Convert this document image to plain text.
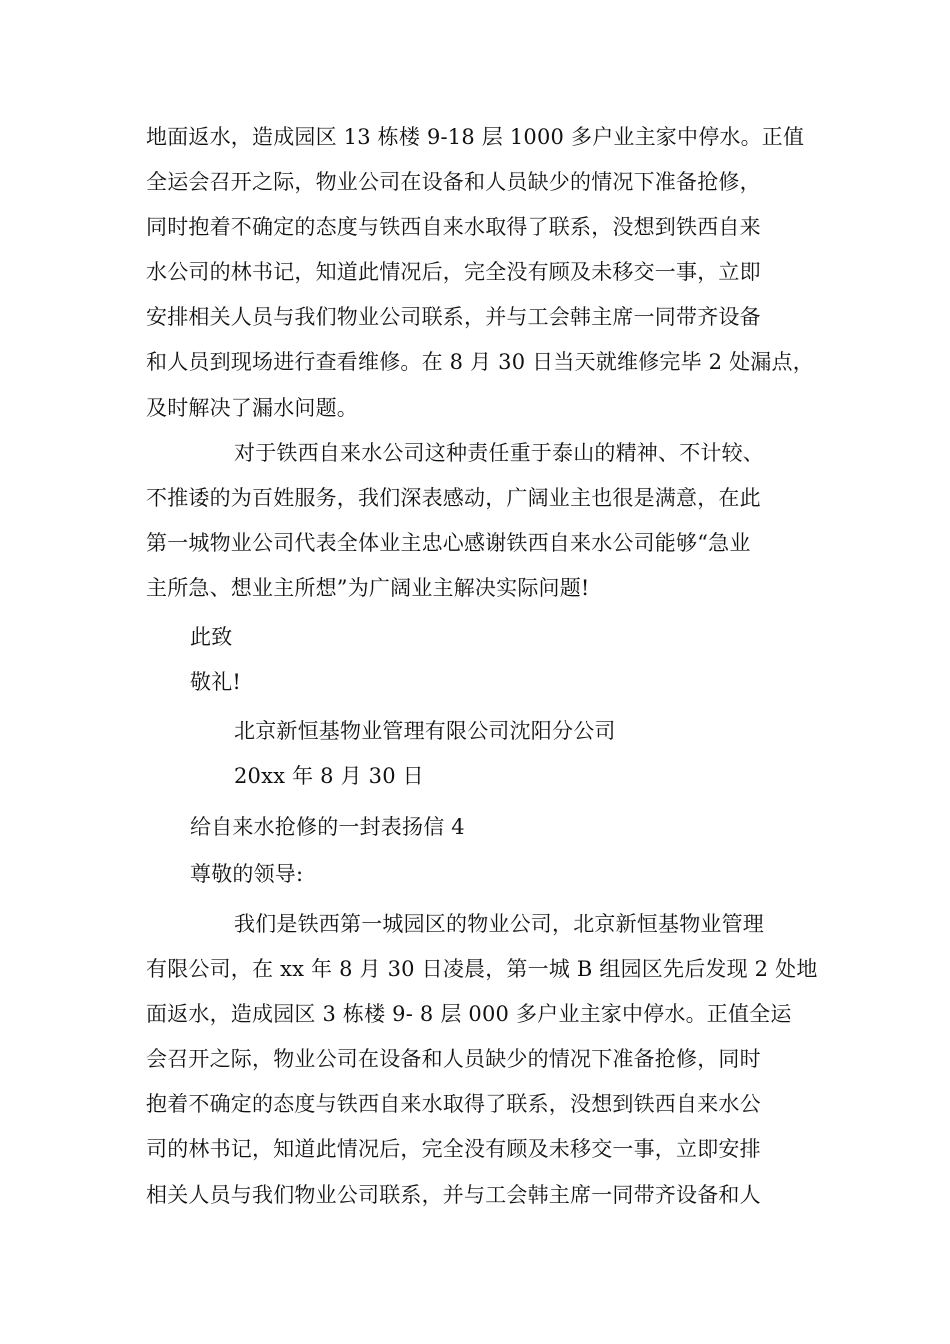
地面返水，造成园区 13 栋楼 9-18 层 1000 多户业主家中停水。正值
全运会召开之际，物业公司在设备和人员缺少的情况下准备抢修，
同时抱着不确定的态度与铁西自来水取得了联系，没想到铁西自来
水公司的林书记，知道此情况后，完全没有顾及未移交一事，立即
安排相关人员与我们物业公司联系，并与工会韩主席一同带齐设备
和人员到现场进行查看维修。在 8 月 30 日当天就维修完毕 2 处漏点，
及时解决了漏水问题。
对于铁西自来水公司这种责任重于泰山的精神、不计较、
不推诿的为百姓服务，我们深表感动，广阔业主也很是满意，在此
第一城物业公司代表全体业主忠心感谢铁西自来水公司能够“急业
主所急、想业主所想”为广阔业主解决实际问题!
此致
敬礼!
北京新恒基物业管理有限公司沈阳分公司
20xx 年 8 月 30 日
给自来水抢修的一封表扬信 4
尊敬的领导:
我们是铁西第一城园区的物业公司，北京新恒基物业管理
有限公司，在 xx 年 8 月 30 日凌晨，第一城 B 组园区先后发现 2 处地
面返水，造成园区 3 栋楼 9- 8 层 000 多户业主家中停水。正值全运
会召开之际，物业公司在设备和人员缺少的情况下准备抢修，同时
抱着不确定的态度与铁西自来水取得了联系，没想到铁西自来水公
司的林书记，知道此情况后，完全没有顾及未移交一事，立即安排
相关人员与我们物业公司联系，并与工会韩主席一同带齐设备和人
